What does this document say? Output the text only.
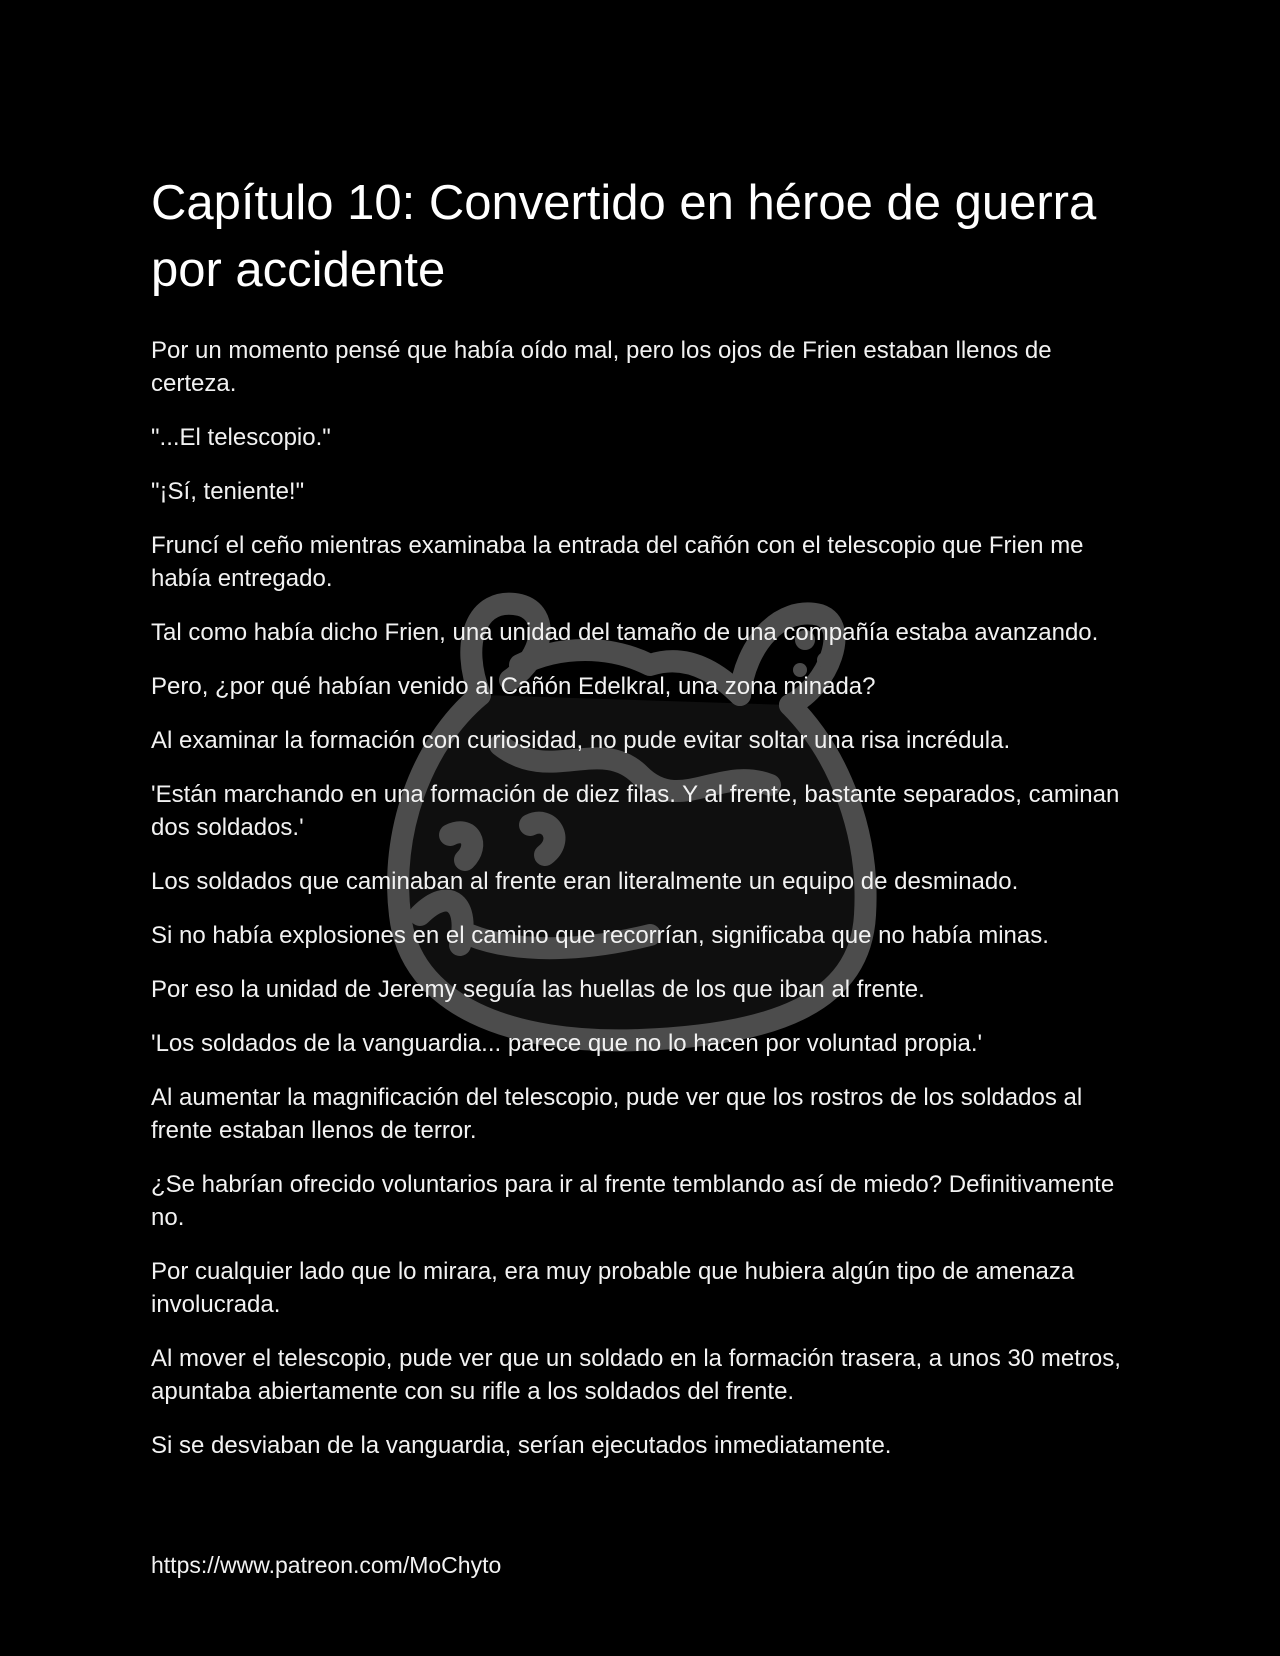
Capítulo 10: Convertido en héroe de guerra por accidente

Por un momento pensé que había oído mal, pero los ojos de Frien estaban llenos de certeza.

"...El telescopio."

"¡Sí, teniente!"

Fruncí el ceño mientras examinaba la entrada del cañón con el telescopio que Frien me había entregado.

Tal como había dicho Frien, una unidad del tamaño de una compañía estaba avanzando.

Pero, ¿por qué habían venido al Cañón Edelkral, una zona minada?

Al examinar la formación con curiosidad, no pude evitar soltar una risa incrédula.

'Están marchando en una formación de diez filas. Y al frente, bastante separados, caminan dos soldados.'

Los soldados que caminaban al frente eran literalmente un equipo de desminado.

Si no había explosiones en el camino que recorrían, significaba que no había minas.

Por eso la unidad de Jeremy seguía las huellas de los que iban al frente.

'Los soldados de la vanguardia... parece que no lo hacen por voluntad propia.'

Al aumentar la magnificación del telescopio, pude ver que los rostros de los soldados al frente estaban llenos de terror.

¿Se habrían ofrecido voluntarios para ir al frente temblando así de miedo? Definitivamente no.

Por cualquier lado que lo mirara, era muy probable que hubiera algún tipo de amenaza involucrada.

Al mover el telescopio, pude ver que un soldado en la formación trasera, a unos 30 metros, apuntaba abiertamente con su rifle a los soldados del frente.

Si se desviaban de la vanguardia, serían ejecutados inmediatamente.

https://www.patreon.com/MoChyto
